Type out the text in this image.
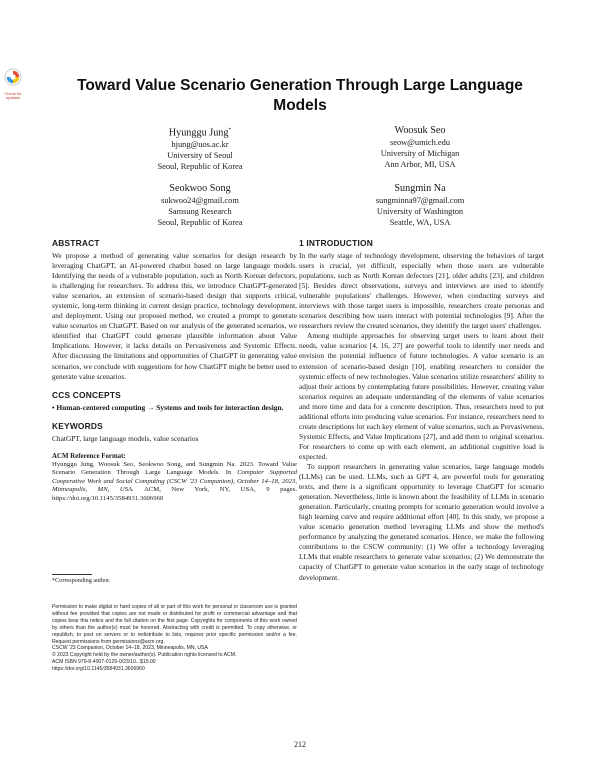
Check for updates
Toward Value Scenario Generation Through Large Language Models
Hyunggu Jung*
hjung@uos.ac.kr
University of Seoul
Seoul, Republic of Korea
Woosuk Seo
seow@umich.edu
University of Michigan
Ann Arbor, MI, USA
Seokwoo Song
sukwoo24@gmail.com
Samsung Research
Seoul, Republic of Korea
Sungmin Na
sungminna97@gmail.com
University of Washington
Seattle, WA, USA
ABSTRACT

We propose a method of generating value scenarios for design research by leveraging ChatGPT, an AI-powered chatbot based on large language models. Identifying the needs of a vulnerable population, such as North Korean defectors, is challenging for researchers. To address this, we introduce ChatGPT-generated value scenarios, an extension of scenario-based design that supports critical, systemic, long-term thinking in current design practice, technology development, and deployment. Using our proposed method, we created a prompt to generate value scenarios on ChatGPT. Based on our analysis of the generated scenarios, we identified that ChatGPT could generate plausible information about Value Implications. However, it lacks details on Pervasiveness and Systemic Effects. After discussing the limitations and opportunities of ChatGPT in generating value scenarios, we conclude with suggestions for how ChatGPT might be better used to generate value scenarios.

CCS CONCEPTS

• Human-centered computing → Systems and tools for interaction design.

KEYWORDS

ChatGPT, large language models, value scenarios

ACM Reference Format:

Hyunggu Jung, Woosuk Seo, Seokwoo Song, and Sungmin Na. 2023. Toward Value Scenario Generation Through Large Language Models. In Computer Supported Cooperative Work and Social Computing (CSCW '23 Companion), October 14–18, 2023, Minneapolis, MN, USA. ACM, New York, NY, USA, 9 pages. https://doi.org/10.1145/3584931.3606960

*Corresponding author.

Permission to make digital or hard copies of all or part of this work for personal or classroom use is granted without fee provided that copies are not made or distributed for profit or commercial advantage and that copies bear this notice and the full citation on the first page. Copyrights for components of this work owned by others than the author(s) must be honored. Abstracting with credit is permitted. To copy otherwise, or republish, to post on servers or to redistribute to lists, requires prior specific permission and/or a fee. Request permissions from permissions@acm.org.

CSCW '23 Companion, October 14–18, 2023, Minneapolis, MN, USA

© 2023 Copyright held by the owner/author(s). Publication rights licensed to ACM.

ACM ISBN 979-8-4007-0129-0/23/10...$15.00

https://doi.org/10.1145/3584931.3606960

1 INTRODUCTION

In the early stage of technology development, observing the behaviors of target users is crucial, yet difficult, especially when those users are vulnerable populations, such as North Korean defectors [21], older adults [23], and children [5]. Besides direct observations, surveys and interviews are used to identify vulnerable populations' challenges. However, when conducting surveys and interviews with those target users is impossible, researchers create personas and scenarios describing how users interact with potential technologies [9]. After the researchers review the created scenarios, they identify the target users' challenges.

Among multiple approaches for observing target users to learn about their needs, value scenarios [4, 16, 27] are powerful tools to identify user needs and envision the potential influence of future technologies. A value scenario is an extension of scenario-based design [10], enabling researchers to consider the systemic effects of new technologies. Value scenarios utilize researchers' ability to adjust their actions by contemplating future possibilities. However, creating value scenarios requires an adequate understanding of the elements of value scenarios and more time and data for a concrete description. Thus, researchers need to put additional efforts into producing value scenarios. For instance, researchers need to create descriptions for each key element of value scenarios, such as Pervasiveness, Systemic Effects, and Value Implications [27], and add them to original scenarios. For researchers to come up with each element, an additional cognitive load is expected.

To support researchers in generating value scenarios, large language models (LLMs) can be used. LLMs, such as GPT 4, are powerful tools for generating texts, and there is a significant opportunity to leverage ChatGPT for scenario generation. Nevertheless, little is known about the feasibility of LLMs in scenario generation. Particularly, creating prompts for scenario generation would involve a high learning curve and require additional effort [40]. In this study, we propose a value scenario generation method leveraging LLMs and show the method's performance by analyzing the generated scenarios. Hence, we make the following contributions to the CSCW community: (1) We offer a technology leveraging LLMs that enable researchers to generate value scenarios; (2) We demonstrate the capacity of ChatGPT to generate value scenarios in the early stage of technology development.

212
